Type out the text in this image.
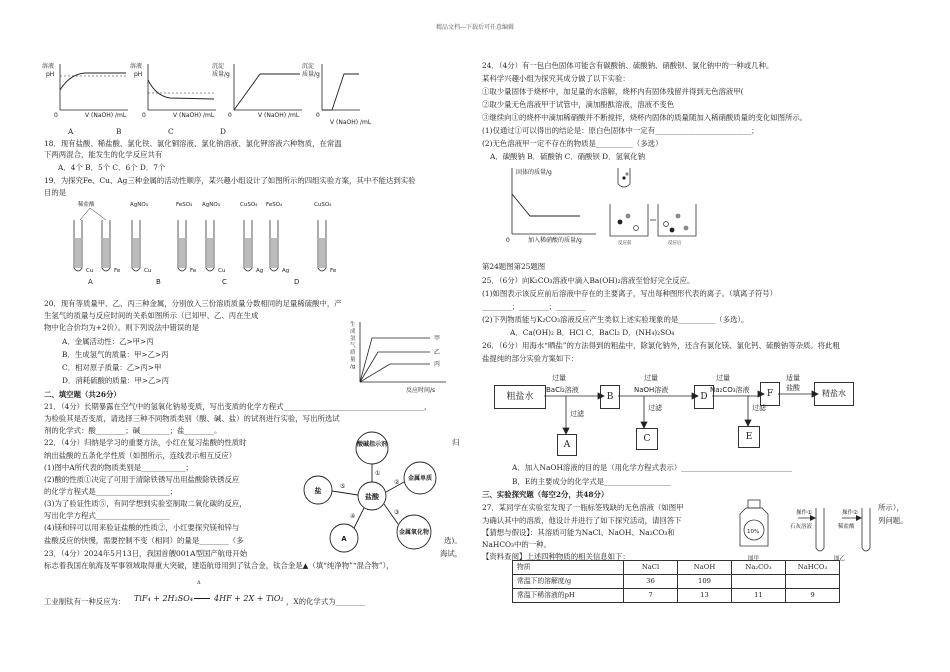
精品文档---下载后可任意编辑
溶液
pH
0	V (NaOH) /mL
溶液
pH
0	V (NaOH) /mL
沉淀
质量/g
0	V (NaOH) /mL
沉淀
质量/g
0
V (NaOH) /mL
A	B	C	D
18．现有盐酸、稀盐酸、氯化铁、氯化铜溶液、氯化钠溶液、氯化钾溶液六种物质，在常温
下两两混合，能发生的化学反应共有
A．4个 B．5个 C．6个 D．7个
19．为探究Fe、Cu、Ag三种金属的活动性顺序，某兴趣小组设计了如图所示的四组实验方案，其中不能达到实验
目的是
稀盐酸	AgNO₃	FeSO₄ AgNO₃	CuSO₄ FeSO₄	CuSO₄
Cu	Fe	Cu	Fe	Cu	Ag	Ag	Fe
A	B	C	D
20．现有等质量甲、乙、丙三种金属，分别放入三份溶质质量分数相同的足量稀硫酸中，产
生氢气的质量与反应时间的关系如图所示（已知甲、乙、丙在生成
物中化合价均为+2价）。则下列说法中错误的是
A．金属活动性：乙>甲>丙
B．生成氢气的质量：甲>乙>丙
C．相对原子质量：乙>丙>甲
D．消耗硫酸的质量：甲>乙>丙
生
成
氢
气
质
量
/g
甲
乙
丙
反应时间/s
二、填空题（共26分）
21．（4分）长期暴露在空气中的氢氧化钠易变质，写出变质的化学方程式______________________________________，
为检验其是否变质，请选择三种不同物质类别（酸、碱、盐）的试剂进行实验，写出所选试
剂的化学式：酸________；碱________；盐________。
22．（4分）归纳是学习的重要方法，小红在复习盐酸的性质时	归
纳出盐酸的五条化学性质（如图所示，连线表示相互反应）
(1)图中A所代表的物质类别是____________；
(2)酸的性质①决定了可用于清除铁锈写出用盐酸除铁锈反应
的化学方程式是____________________；
(3)为了验证性质⑤，有同学想到实验室制取二氧化碳的反应，
写出化学方程式____________________
(4)镁和锌可以用来验证盐酸的性质②，小红要探究镁和锌与
盐酸反应的快慢，需要控制不变（相同）的量是________（多	选)。
酸碱指示剂
盐酸
盐
金属单质
金属氧化物
A
①
⑤
②
③
④
23．（4分）2024年5月13日，我国首艘001A型国产航母开始	海试，
标志着我国在航海及军事领域取得重大突破，建造航母用到了钛合金，钛合金是▲（填“纯净物”“混合物”），
工业制钛有一种反应为：
Δ
TiF₄ + 2H₂SO₄	4HF + 2X + TiO₂ ，X的化学式为________
24．（4分）有一包白色固体可能含有碳酸钠、硫酸钠、硝酸钡、氯化钠中的一种或几种。
某科学兴趣小组为探究其成分做了以下实验：
①取少量固体于烧杯中，加足量的水溶解，烧杯内有固体残留并得到无色溶液甲(
②取少量无色溶液甲于试管中，滴加酚酞溶液，溶液不变色
③继续向①的烧杯中滴加稀硝酸并不断搅拌，烧杯内固体的质量随加入稀硝酸质量的变化如图所示。
(1)仅通过①可以得出的结论是：原白色固体中一定有__________________________；
(2)无色溶液甲一定不存在的物质是__________（多选）
A．碳酸钠 B．硫酸钠 C．硝酸钡 D．氢氧化钠
固体的质量/g
0	加入稀硝酸的质量/g	反应前	反应后
第24题图第25题图
25．（6分）向K₂CO₃溶液中滴入Ba(OH)₂溶液至恰好完全反应。
(1)如图表示该反应前后溶液中存在的主要离子，写出每种图形代表的离子。（填离子符号）
________；________；________
(2)下列物质能与K₂CO₃溶液反应产生类似上述实验现象的是__________（多选）。
A．Ca(OH)₂ B．HCl C．BaCl₂ D．(NH₄)₂SO₄
26．（6分）用海水“晒盐”的方法得到的粗盐中，除氯化钠外，还含有氯化镁、氯化钙、硫酸钠等杂质。将此粗
盐提纯的部分实验方案如下：
粗盐水	B	D	F	精盐水
A
C	E
过量
BaCl₂溶液
过量
NaOH溶液
过量
Na₂CO₃溶液
适量
盐酸
过滤
过滤	过滤
A．加入NaOH溶液的目的是（用化学方程式表示）______________________________
B．E的主要成分的化学式是__________________
三、实验探究题（每空2分，共48分）
27．某同学在实验室发现了一瓶标签残缺的无色溶液（如图甲	所示），
为确认其中的溶质，他设计并进行了如下探究活动，请回答下	列问题。
【猜想与假设】：其溶质可能为NaCl、NaOH、Na₂CO₃和
NaHCO₃中的一种。
【资料查阅】上述四种物质的相关信息如下：
10%
操作①	操作②
石灰溶液	稀盐酸
图甲	图乙
物质	NaCl	NaOH	Na₂CO₃	NaHCO₃
常温下的溶解度/g	36	109		
常温下稀溶液的pH	7	13	11	9
